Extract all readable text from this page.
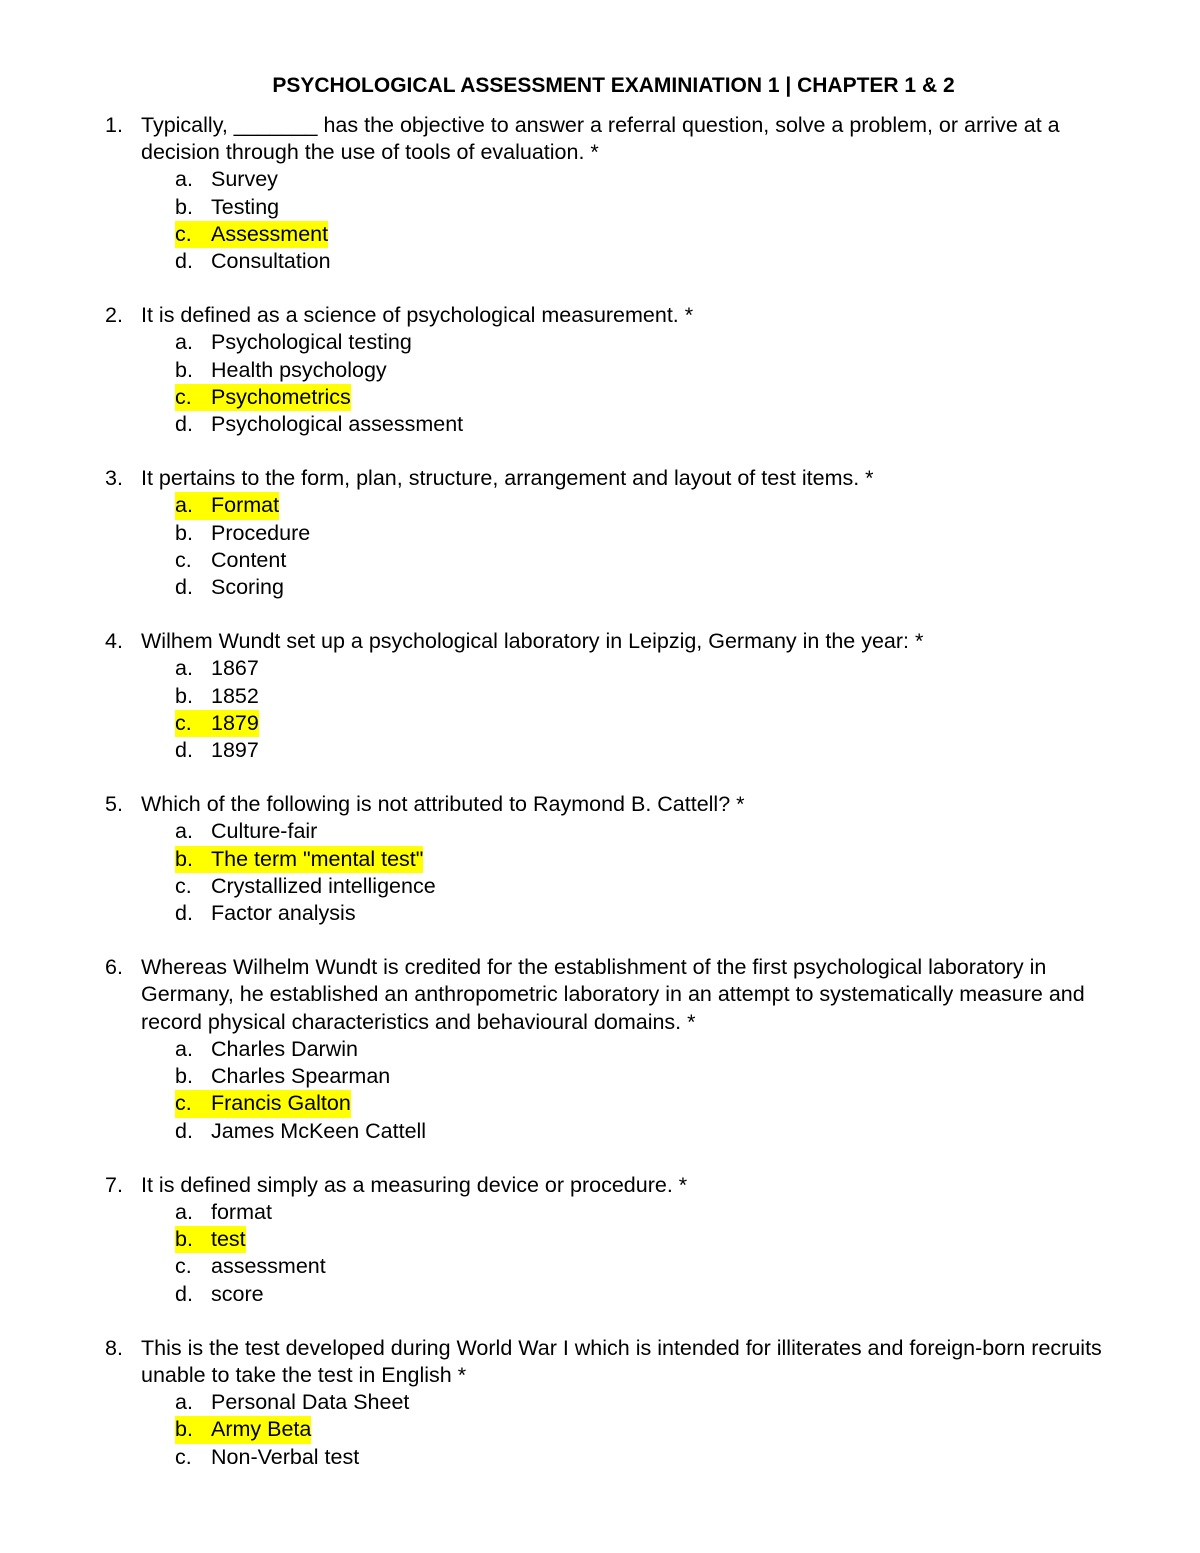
PSYCHOLOGICAL ASSESSMENT EXAMINIATION 1 | CHAPTER 1 & 2
1. Typically, _______ has the objective to answer a referral question, solve a problem, or arrive at a decision through the use of tools of evaluation. *
a. Survey
b. Testing
c. Assessment
d. Consultation
2. It is defined as a science of psychological measurement. *
a. Psychological testing
b. Health psychology
c. Psychometrics
d. Psychological assessment
3. It pertains to the form, plan, structure, arrangement and layout of test items. *
a. Format
b. Procedure
c. Content
d. Scoring
4. Wilhem Wundt set up a psychological laboratory in Leipzig, Germany in the year: *
a. 1867
b. 1852
c. 1879
d. 1897
5. Which of the following is not attributed to Raymond B. Cattell? *
a. Culture-fair
b. The term "mental test"
c. Crystallized intelligence
d. Factor analysis
6. Whereas Wilhelm Wundt is credited for the establishment of the first psychological laboratory in Germany, he established an anthropometric laboratory in an attempt to systematically measure and record physical characteristics and behavioural domains. *
a. Charles Darwin
b. Charles Spearman
c. Francis Galton
d. James McKeen Cattell
7. It is defined simply as a measuring device or procedure. *
a. format
b. test
c. assessment
d. score
8. This is the test developed during World War I which is intended for illiterates and foreign-born recruits unable to take the test in English *
a. Personal Data Sheet
b. Army Beta
c. Non-Verbal test
